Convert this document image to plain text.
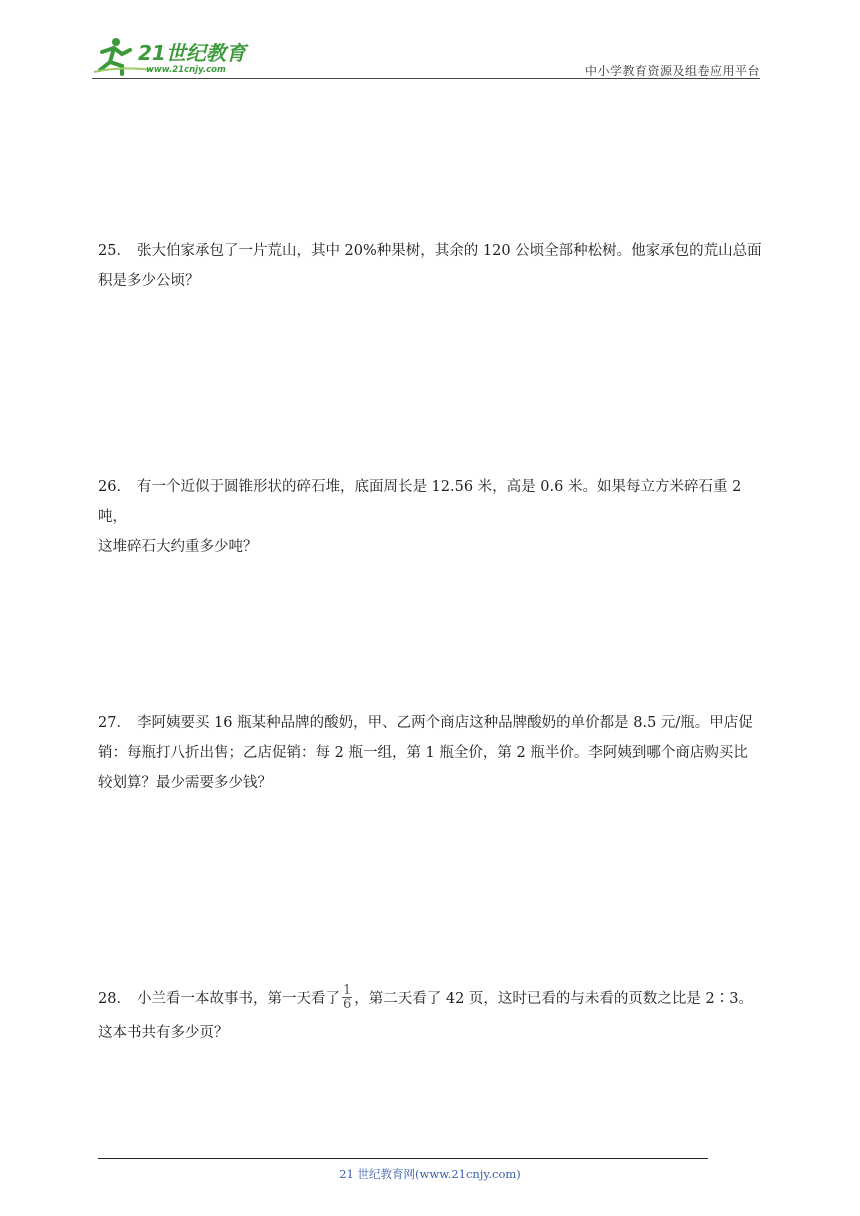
21世纪教育
www.21cnjy.com	中小学教育资源及组卷应用平台
25． 张大伯家承包了一片荒山，其中 20%种果树，其余的 120 公顷全部种松树。他家承包的荒山总面
积是多少公顷？
26． 有一个近似于圆锥形状的碎石堆，底面周长是 12.56 米，高是 0.6 米。如果每立方米碎石重 2 吨，
这堆碎石大约重多少吨？
27． 李阿姨要买 16 瓶某种品牌的酸奶，甲、乙两个商店这种品牌酸奶的单价都是 8.5 元/瓶。甲店促
销：每瓶打八折出售；乙店促销：每 2 瓶一组，第 1 瓶全价，第 2 瓶半价。李阿姨到哪个商店购买比
较划算？最少需要多少钱？
28． 小兰看一本故事书，第一天看了 $\frac{1}{6}$ ，第二天看了 42 页，这时已看的与未看的页数之比是 2∶3。
这本书共有多少页？
21 世纪教育网(www.21cnjy.com)
